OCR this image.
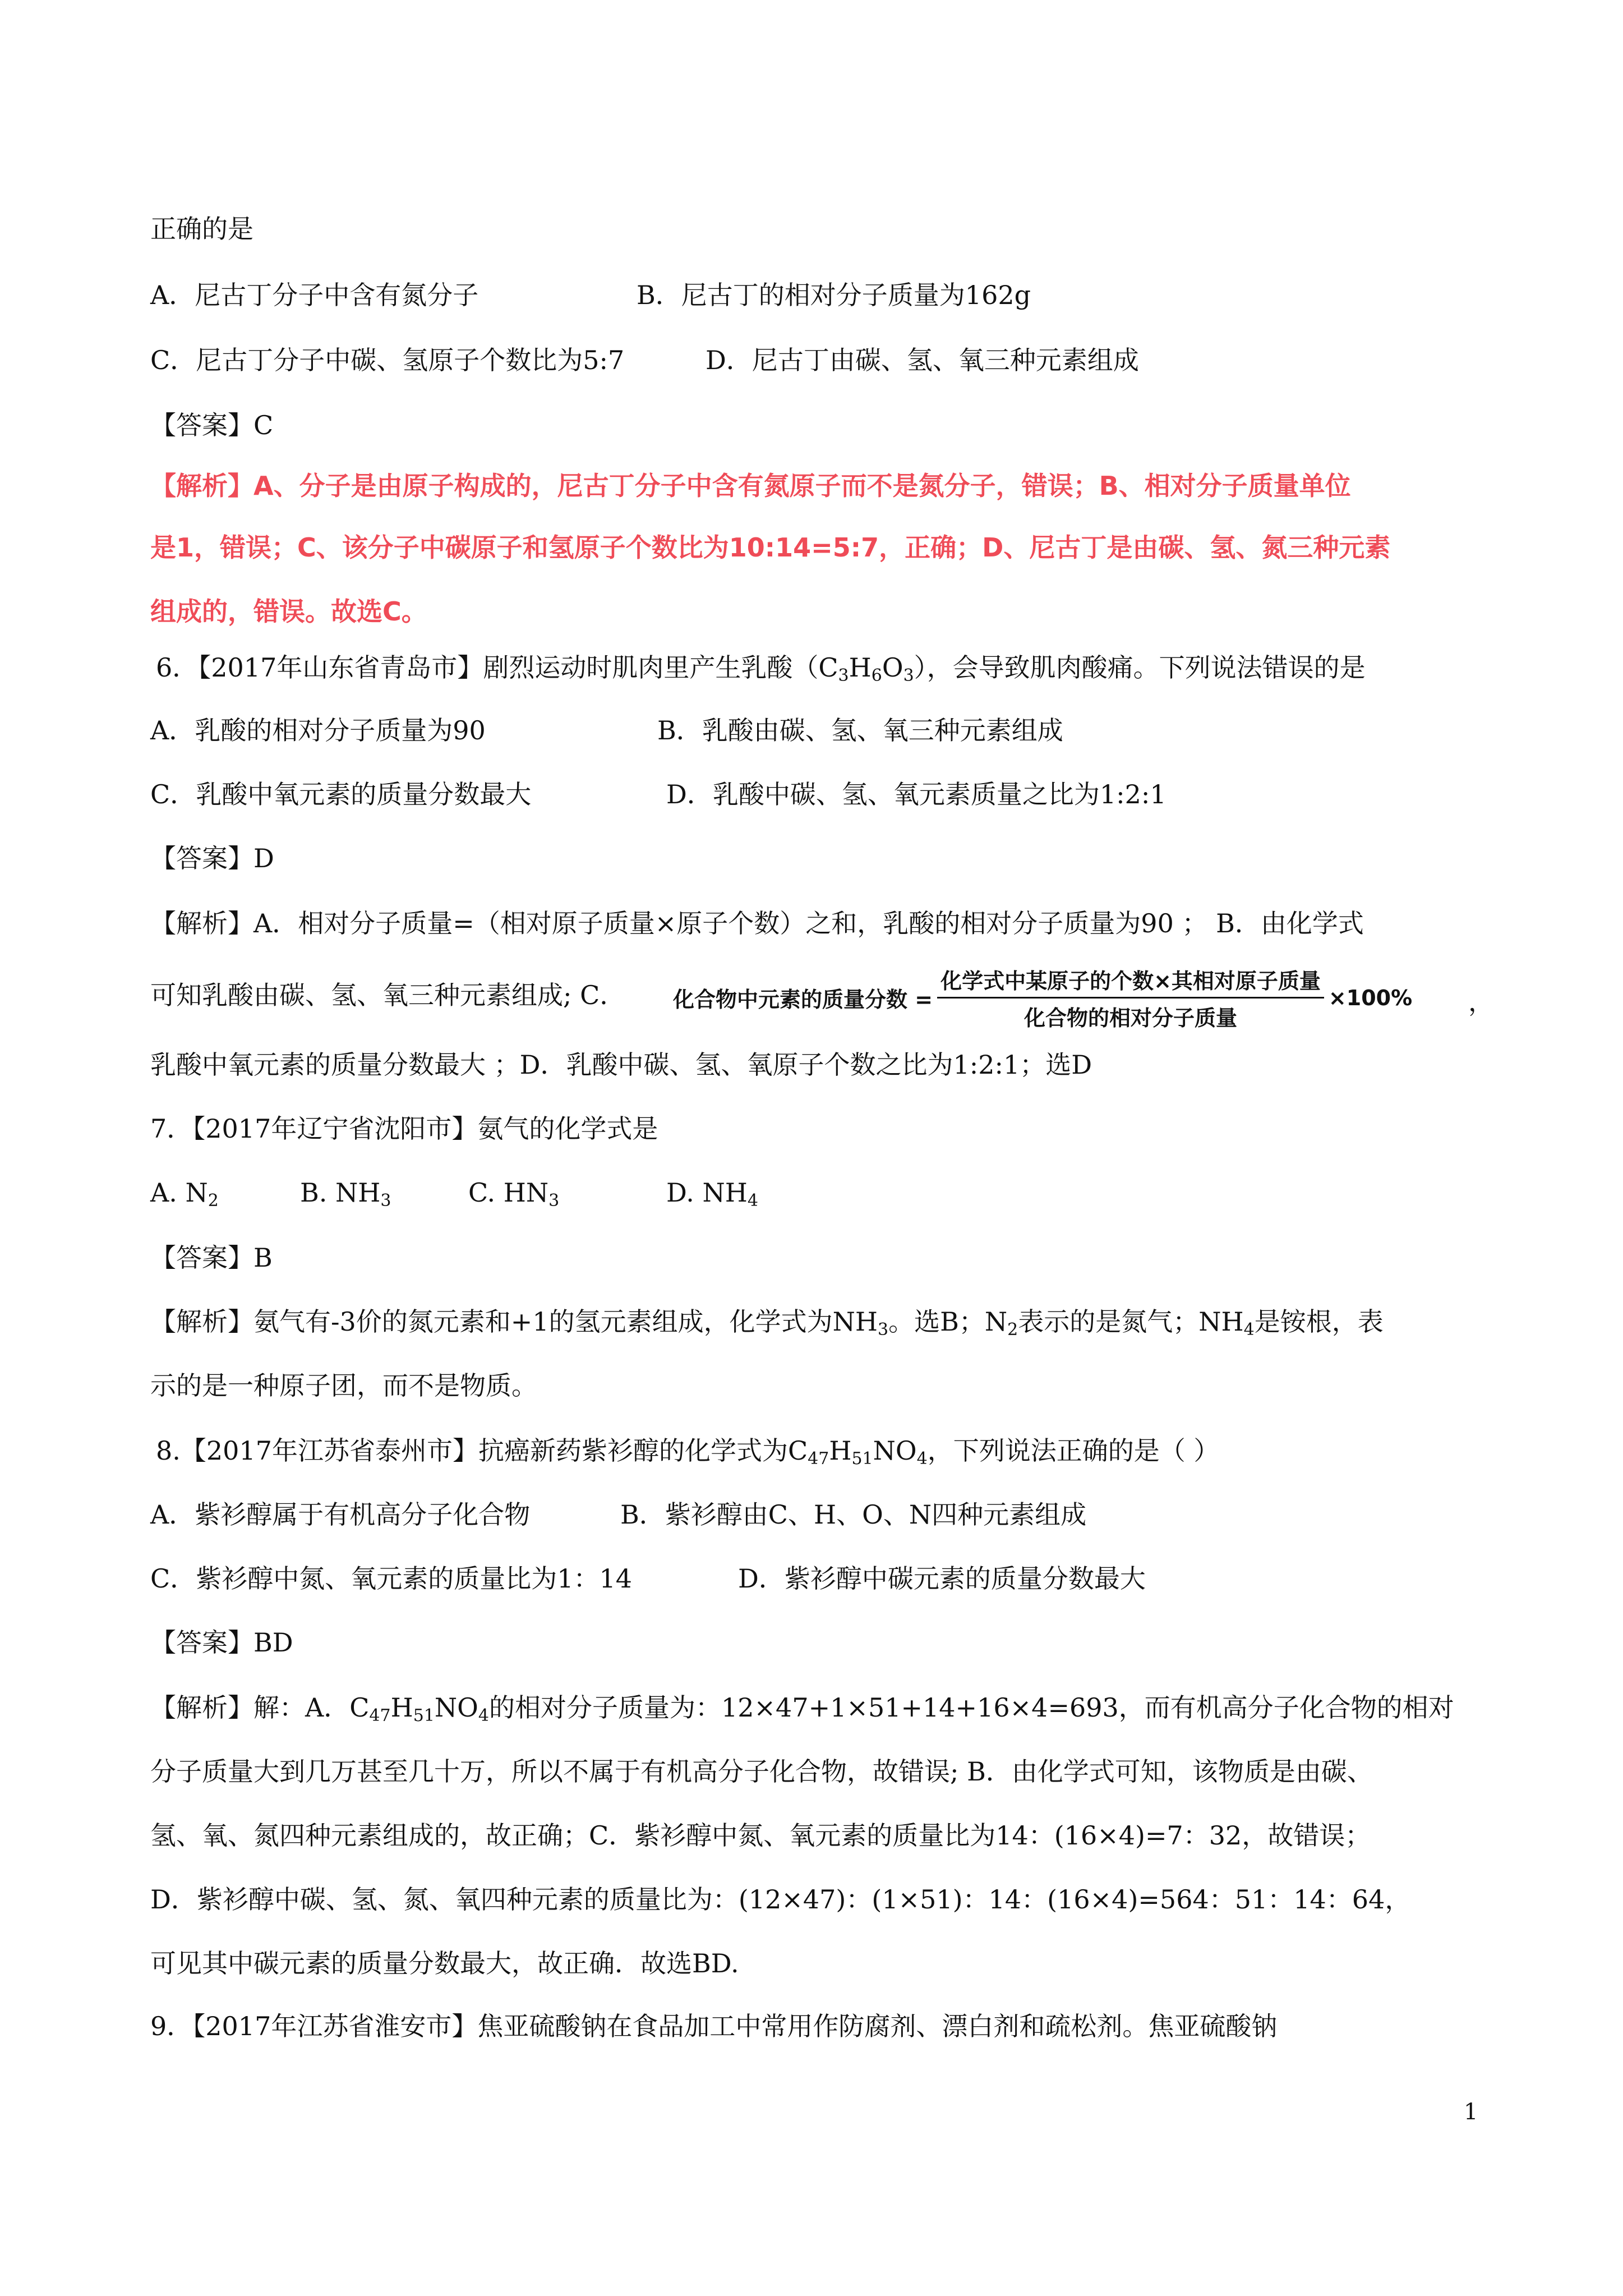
正确的是
A．尼古丁分子中含有氮分子	B．尼古丁的相对分子质量为162g
C．尼古丁分子中碳、氢原子个数比为5:7	D．尼古丁由碳、氢、氧三种元素组成
【答案】C
【解析】A、分子是由原子构成的，尼古丁分子中含有氮原子而不是氮分子，错误；B、相对分子质量单位
是1，错误；C、该分子中碳原子和氢原子个数比为10:14=5:7，正确；D、尼古丁是由碳、氢、氮三种元素
组成的，错误。故选C。
6．【2017年山东省青岛市】剧烈运动时肌肉里产生乳酸$(C_3H_6O_3)$，会导致肌肉酸痛。下列说法错误的是
A．乳酸的相对分子质量为90	B．乳酸由碳、氢、氧三种元素组成
C．乳酸中氧元素的质量分数最大	D．乳酸中碳、氢、氧元素质量之比为1:2:1
【答案】D
【解析】A．相对分子质量=（相对原子质量×原子个数）之和，乳酸的相对分子质量为90 ； B．由化学式
可知乳酸由碳、氢、氧三种元素组成; C． 化合物中元素的质量分数 = $\frac{\text{化学式中某原子的个数×其相对原子质量}}{\text{化合物的相对分子质量}} \times 100\%$ ，
乳酸中氧元素的质量分数最大 ；D．乳酸中碳、氢、氧原子个数之比为1:2:1；选D
7．【2017年辽宁省沈阳市】氨气的化学式是
A. $N_2$	B. $NH_3$	C. $HN_3$	D. $NH_4$
【答案】B
【解析】氨气有-3价的氮元素和+1的氢元素组成，化学式为$NH_3$。选B；$N_2$表示的是氮气；$NH_4$是铵根，表
示的是一种原子团，而不是物质。
8.【2017年江苏省泰州市】抗癌新药紫衫醇的化学式为$C_{47}H_{51}NO_4$，下列说法正确的是（ ）
A．紫衫醇属于有机高分子化合物	B．紫衫醇由C、H、O、N四种元素组成
C．紫衫醇中氮、氧元素的质量比为1：14	D．紫衫醇中碳元素的质量分数最大
【答案】BD
【解析】解：A．$C_{47}H_{51}NO_4$的相对分子质量为：12×47+1×51+14+16×4=693，而有机高分子化合物的相对
分子质量大到几万甚至几十万，所以不属于有机高分子化合物，故错误; B．由化学式可知，该物质是由碳、
氢、氧、氮四种元素组成的，故正确；C．紫衫醇中氮、氧元素的质量比为14：(16×4)=7：32，故错误；
D．紫衫醇中碳、氢、氮、氧四种元素的质量比为：(12×47)：(1×51)：14：(16×4)=564：51：14：64，
可见其中碳元素的质量分数最大，故正确．故选BD.
9．【2017年江苏省淮安市】焦亚硫酸钠在食品加工中常用作防腐剂、漂白剂和疏松剂。焦亚硫酸钠
1
